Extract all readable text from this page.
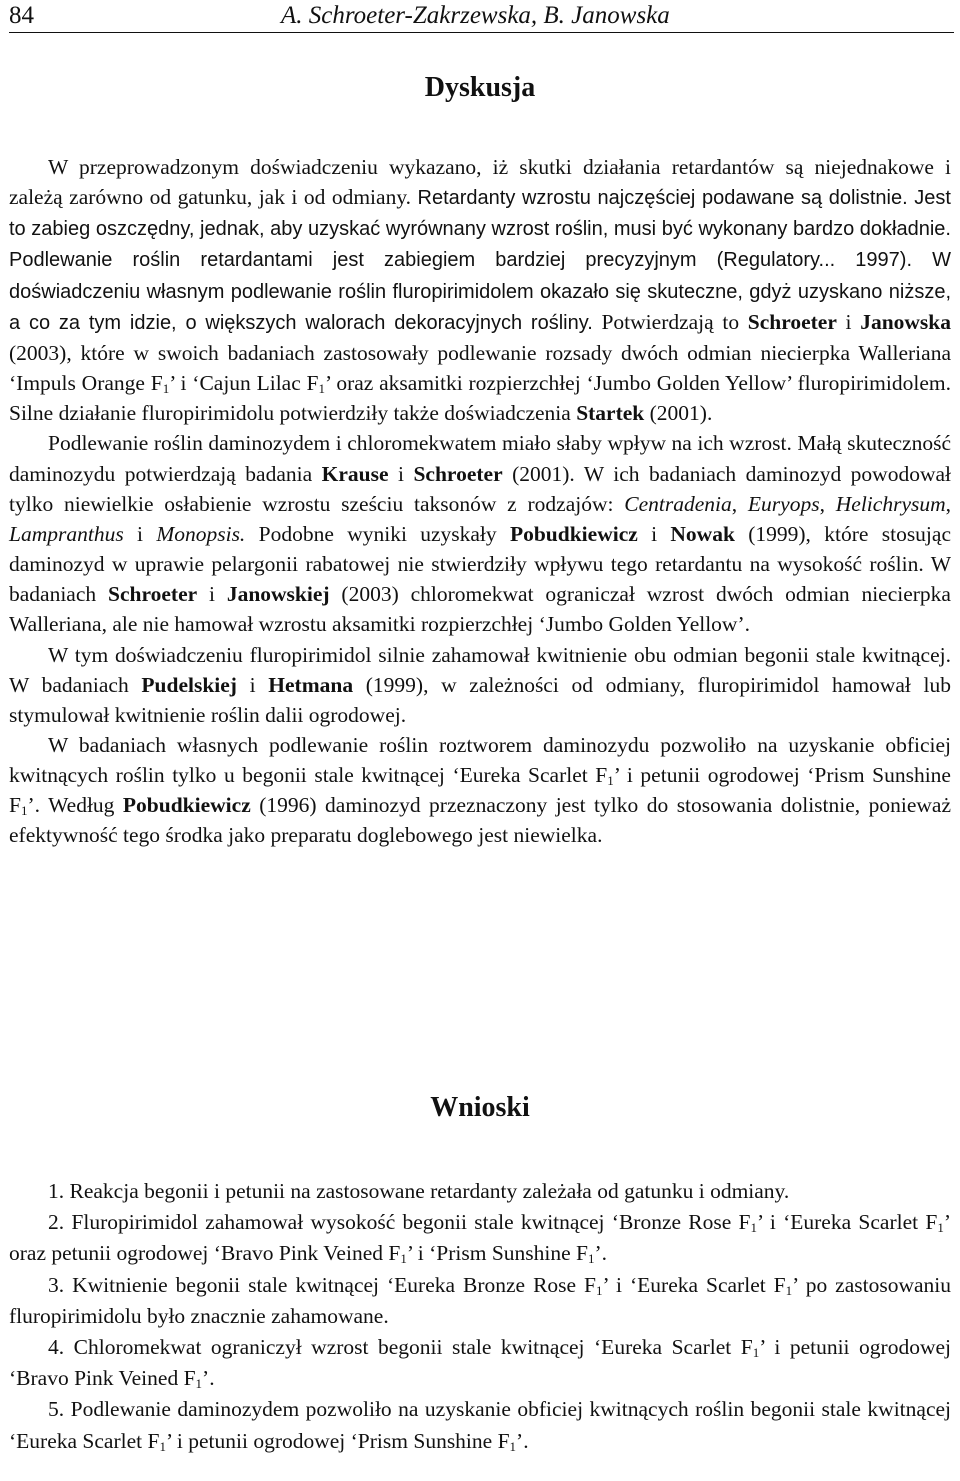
84	A. Schroeter-Zakrzewska, B. Janowska
Dyskusja

W przeprowadzonym doświadczeniu wykazano, iż skutki działania retardantów są niejednakowe i zależą zarówno od gatunku, jak i od odmiany. Retardanty wzrostu najczęściej podawane są dolistnie. Jest to zabieg oszczędny, jednak, aby uzyskać wyrównany wzrost roślin, musi być wykonany bardzo dokładnie. Podlewanie roślin retardantami jest zabiegiem bardziej precyzyjnym (Regulatory... 1997). W doświadczeniu własnym podlewanie roślin fluropirimidolem okazało się skuteczne, gdyż uzyskano niższe, a co za tym idzie, o większych walorach dekoracyjnych rośliny. Potwierdzają to Schroeter i Janowska (2003), które w swoich badaniach zastosowały podlewanie rozsady dwóch odmian niecierpka Walleriana ‘Impuls Orange $F_1$’ i ‘Cajun Lilac $F_1$’ oraz aksamitki rozpierzchłej ‘Jumbo Golden Yellow’ fluropirimidolem. Silne działanie fluropirimidolu potwierdziły także doświadczenia Startek (2001).

Podlewanie roślin daminozydem i chloromekwatem miało słaby wpływ na ich wzrost. Małą skuteczność daminozydu potwierdzają badania Krause i Schroeter (2001). W ich badaniach daminozyd powodował tylko niewielkie osłabienie wzrostu sześciu taksonów z rodzajów: Centradenia, Euryops, Helichrysum, Lampranthus i Monopsis. Podobne wyniki uzyskały Pobudkiewicz i Nowak (1999), które stosując daminozyd w uprawie pelargonii rabatowej nie stwierdziły wpływu tego retardantu na wysokość roślin. W badaniach Schroeter i Janowskiej (2003) chloromekwat ograniczał wzrost dwóch odmian niecierpka Walleriana, ale nie hamował wzrostu aksamitki rozpierzchłej ‘Jumbo Golden Yellow’.

W tym doświadczeniu fluropirimidol silnie zahamował kwitnienie obu odmian begonii stale kwitnącej. W badaniach Pudelskiej i Hetmana (1999), w zależności od odmiany, fluropirimidol hamował lub stymulował kwitnienie roślin dalii ogrodowej.

W badaniach własnych podlewanie roślin roztworem daminozydu pozwoliło na uzyskanie obficiej kwitnących roślin tylko u begonii stale kwitnącej ‘Eureka Scarlet $F_1$’ i petunii ogrodowej ‘Prism Sunshine $F_1$’. Według Pobudkiewicz (1996) daminozyd przeznaczony jest tylko do stosowania dolistnie, ponieważ efektywność tego środka jako preparatu doglebowego jest niewielka.

Wnioski

1. Reakcja begonii i petunii na zastosowane retardanty zależała od gatunku i odmiany.

2. Fluropirimidol zahamował wysokość begonii stale kwitnącej ‘Bronze Rose $F_1$’ i ‘Eureka Scarlet $F_1$’ oraz petunii ogrodowej ‘Bravo Pink Veined $F_1$’ i ‘Prism Sunshine $F_1$’.

3. Kwitnienie begonii stale kwitnącej ‘Eureka Bronze Rose $F_1$’ i ‘Eureka Scarlet $F_1$’ po zastosowaniu fluropirimidolu było znacznie zahamowane.

4. Chloromekwat ograniczył wzrost begonii stale kwitnącej ‘Eureka Scarlet $F_1$’ i petunii ogrodowej ‘Bravo Pink Veined $F_1$’.

5. Podlewanie daminozydem pozwoliło na uzyskanie obficiej kwitnących roślin begonii stale kwitnącej ‘Eureka Scarlet $F_1$’ i petunii ogrodowej ‘Prism Sunshine $F_1$’.
